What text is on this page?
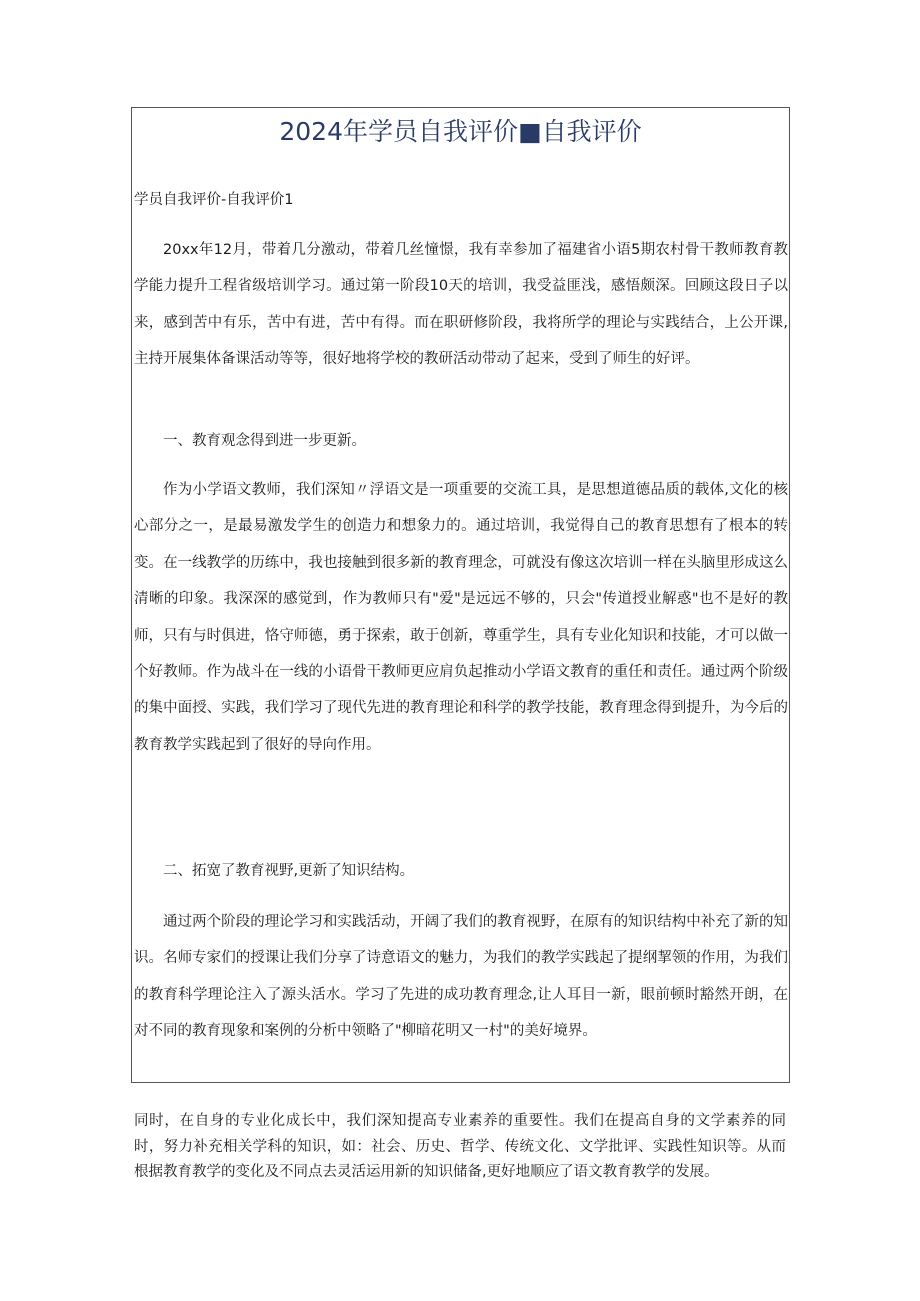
2024年学员自我评价■自我评价
学员自我评价-自我评价1

20xx年12月，带着几分激动，带着几丝憧憬，我有幸参加了福建省小语5期农村骨干教师教育教学能力提升工程省级培训学习。通过第一阶段10天的培训，我受益匪浅，感悟颇深。回顾这段日子以来，感到苦中有乐，苦中有进，苦中有得。而在职研修阶段，我将所学的理论与实践结合，上公开课,主持开展集体备课活动等等，很好地将学校的教研活动带动了起来，受到了师生的好评。

一、教育观念得到进一步更新。

作为小学语文教师，我们深知〃浮语文是一项重要的交流工具，是思想道德品质的载体,文化的核心部分之一，是最易激发学生的创造力和想象力的。通过培训，我觉得自己的教育思想有了根本的转变。在一线教学的历练中，我也接触到很多新的教育理念，可就没有像这次培训一样在头脑里形成这么清晰的印象。我深深的感觉到，作为教师只有"爱"是远远不够的，只会"传道授业解惑"也不是好的教师，只有与时俱进，恪守师德，勇于探索，敢于创新，尊重学生，具有专业化知识和技能，才可以做一个好教师。作为战斗在一线的小语骨干教师更应肩负起推动小学语文教育的重任和责任。通过两个阶级的集中面授、实践，我们学习了现代先进的教育理论和科学的教学技能，教育理念得到提升，为今后的教育教学实践起到了很好的导向作用。

二、拓宽了教育视野,更新了知识结构。

通过两个阶段的理论学习和实践活动，开阔了我们的教育视野，在原有的知识结构中补充了新的知识。名师专家们的授课让我们分享了诗意语文的魅力，为我们的教学实践起了提纲挈领的作用，为我们的教育科学理论注入了源头活水。学习了先进的成功教育理念,让人耳目一新，眼前顿时豁然开朗，在对不同的教育现象和案例的分析中领略了"柳暗花明又一村"的美好境界。

同时，在自身的专业化成长中，我们深知提高专业素养的重要性。我们在提高自身的文学素养的同时，努力补充相关学科的知识，如：社会、历史、哲学、传统文化、文学批评、实践性知识等。从而根据教育教学的变化及不同点去灵活运用新的知识储备,更好地顺应了语文教育教学的发展。
